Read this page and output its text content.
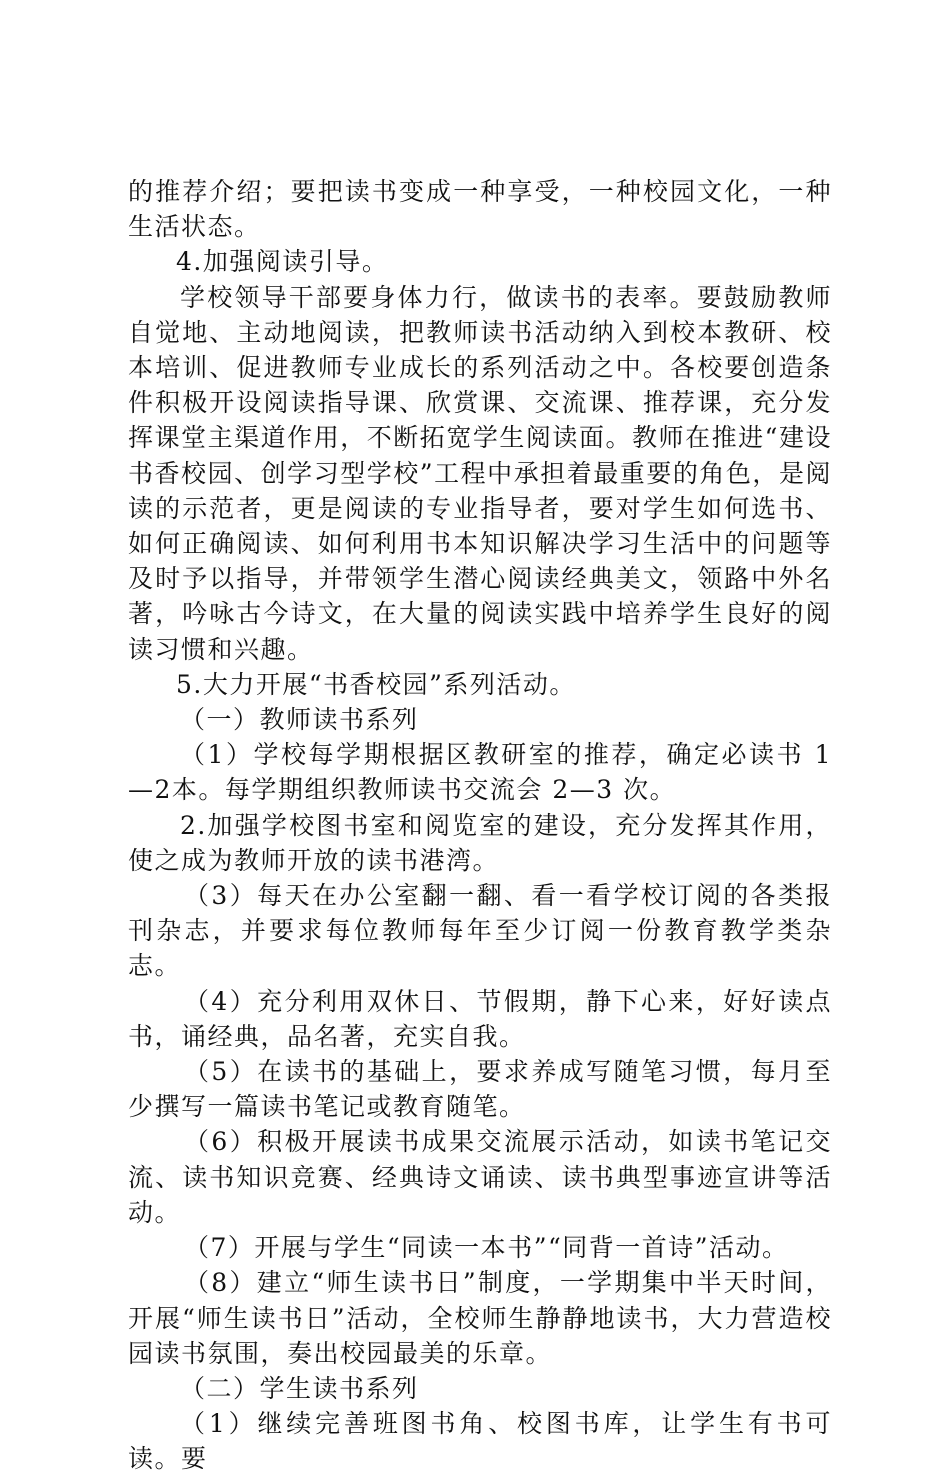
的推荐介绍；要把读书变成一种享受，一种校园文化，一种生活状态。

4.加强阅读引导。

学校领导干部要身体力行，做读书的表率。要鼓励教师自觉地、主动地阅读，把教师读书活动纳入到校本教研、校本培训、促进教师专业成长的系列活动之中。各校要创造条件积极开设阅读指导课、欣赏课、交流课、推荐课，充分发挥课堂主渠道作用，不断拓宽学生阅读面。教师在推进“建设书香校园、创学习型学校”工程中承担着最重要的角色，是阅读的示范者，更是阅读的专业指导者，要对学生如何选书、如何正确阅读、如何利用书本知识解决学习生活中的问题等及时予以指导，并带领学生潜心阅读经典美文，领路中外名著，吟咏古今诗文，在大量的阅读实践中培养学生良好的阅读习惯和兴趣。

5.大力开展“书香校园”系列活动。

（一）教师读书系列

（1）学校每学期根据区教研室的推荐，确定必读书 1—2本。每学期组织教师读书交流会 2—3 次。

2.加强学校图书室和阅览室的建设，充分发挥其作用，使之成为教师开放的读书港湾。

（3）每天在办公室翻一翻、看一看学校订阅的各类报刊杂志，并要求每位教师每年至少订阅一份教育教学类杂志。

（4）充分利用双休日、节假期，静下心来，好好读点书，诵经典，品名著，充实自我。

（5）在读书的基础上，要求养成写随笔习惯，每月至少撰写一篇读书笔记或教育随笔。

（6）积极开展读书成果交流展示活动，如读书笔记交流、读书知识竞赛、经典诗文诵读、读书典型事迹宣讲等活动。

（7）开展与学生“同读一本书”“同背一首诗”活动。

（8）建立“师生读书日”制度，一学期集中半天时间，开展“师生读书日”活动，全校师生静静地读书，大力营造校园读书氛围，奏出校园最美的乐章。

（二）学生读书系列

（1）继续完善班图书角、校图书库，让学生有书可读。要
